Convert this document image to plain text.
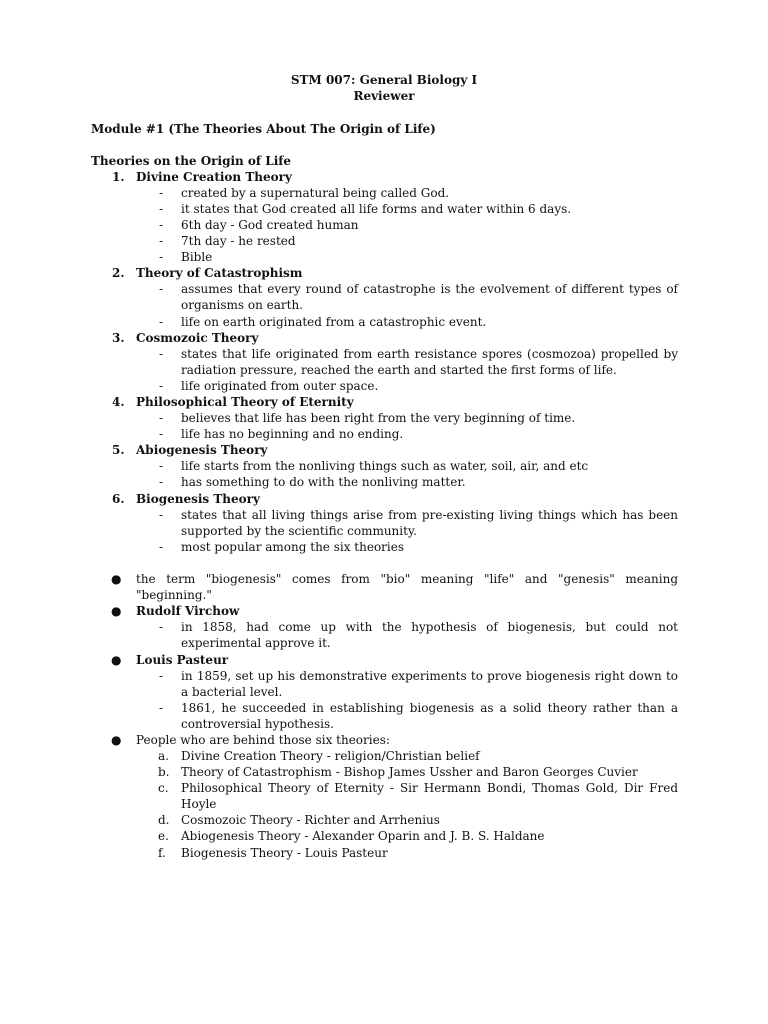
STM 007: General Biology I
Reviewer
Module #1 (The Theories About The Origin of Life)
Theories on the Origin of Life
1. Divine Creation Theory
- created by a supernatural being called God.
- it states that God created all life forms and water within 6 days.
- 6th day - God created human
- 7th day - he rested
- Bible
2. Theory of Catastrophism
- assumes that every round of catastrophe is the evolvement of different types of organisms on earth.
- life on earth originated from a catastrophic event.
3. Cosmozoic Theory
- states that life originated from earth resistance spores (cosmozoa) propelled by radiation pressure, reached the earth and started the first forms of life.
- life originated from outer space.
4. Philosophical Theory of Eternity
- believes that life has been right from the very beginning of time.
- life has no beginning and no ending.
5. Abiogenesis Theory
- life starts from the nonliving things such as water, soil, air, and etc
- has something to do with the nonliving matter.
6. Biogenesis Theory
- states that all living things arise from pre-existing living things which has been supported by the scientific community.
- most popular among the six theories
● the term "biogenesis" comes from "bio" meaning "life" and "genesis" meaning "beginning."
● Rudolf Virchow
- in 1858, had come up with the hypothesis of biogenesis, but could not experimental approve it.
● Louis Pasteur
- in 1859, set up his demonstrative experiments to prove biogenesis right down to a bacterial level.
- 1861, he succeeded in establishing biogenesis as a solid theory rather than a controversial hypothesis.
● People who are behind those six theories:
a. Divine Creation Theory - religion/Christian belief
b. Theory of Catastrophism - Bishop James Ussher and Baron Georges Cuvier
c. Philosophical Theory of Eternity - Sir Hermann Bondi, Thomas Gold, Dir Fred Hoyle
d. Cosmozoic Theory - Richter and Arrhenius
e. Abiogenesis Theory - Alexander Oparin and J. B. S. Haldane
f. Biogenesis Theory - Louis Pasteur
